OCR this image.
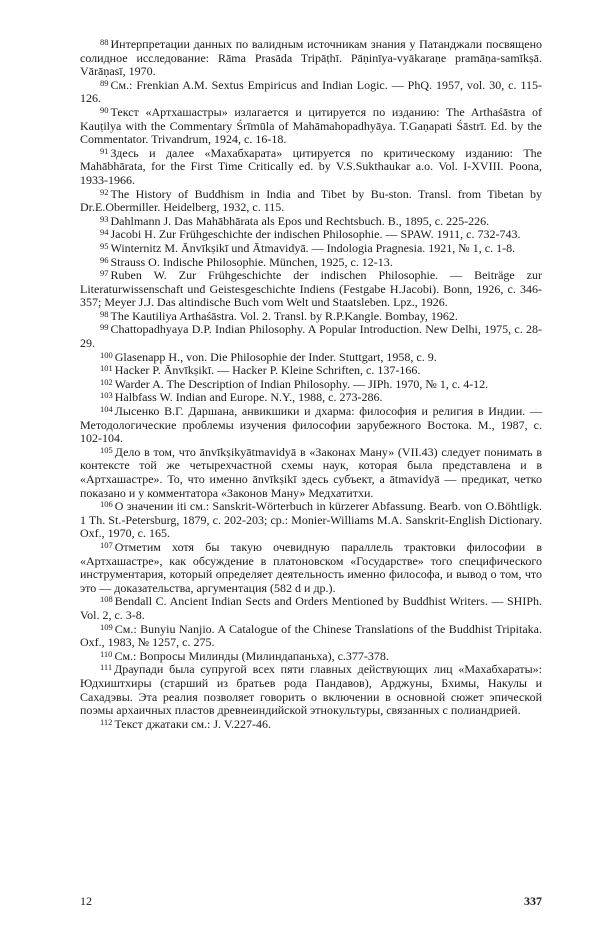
$^{88}$ Интерпретации данных по валидным источникам знания у Патанджали посвящено солидное исследование: Rāma Prasāda Tripāṭhī. Pāṇinīya-vyākaraṇe pramāṇa-samīkṣā. Vārāṇasī, 1970.

$^{89}$ См.: Frenkian A.M. Sextus Empiricus and Indian Logic. — PhQ. 1957, vol. 30, с. 115-126.

$^{90}$ Текст «Артхашастры» излагается и цитируется по изданию: The Arthaśāstra of Kauṭilya with the Commentary Śrīmūla of Mahāmahopadhyāya. T.Gaṇapati Śāstrī. Ed. by the Commentator. Trivandrum, 1924, с. 16-18.

$^{91}$ Здесь и далее «Махабхарата» цитируется по критическому изданию: The Mahābhārata, for the First Time Critically ed. by V.S.Sukthaukar a.o. Vol. I-XVIII. Poona, 1933-1966.

$^{92}$ The History of Buddhism in India and Tibet by Bu-ston. Transl. from Tibetan by Dr.E.Obermiller. Heidelberg, 1932, с. 115.

$^{93}$ Dahlmann J. Das Mahābhārata als Epos und Rechtsbuch. B., 1895, с. 225-226.

$^{94}$ Jacobi H. Zur Frühgeschichte der indischen Philosophie. — SPAW. 1911, с. 732-743.

$^{95}$ Winternitz M. Ānvīkṣikī und Ātmavidyā. — Indologia Pragnesia. 1921, № 1, с. 1-8.

$^{96}$ Strauss O. Indische Philosophie. München, 1925, с. 12-13.

$^{97}$ Ruben W. Zur Frühgeschichte der indischen Philosophie. — Beiträge zur Literaturwissenschaft und Geistesgeschichte Indiens (Festgabe H.Jacobi). Bonn, 1926, с. 346-357; Meyer J.J. Das altindische Buch vom Welt und Staatsleben. Lpz., 1926.

$^{98}$ The Kautiliya Arthaśāstra. Vol. 2. Transl. by R.P.Kangle. Bombay, 1962.

$^{99}$ Chattopadhyaya D.P. Indian Philosophy. A Popular Introduction. New Delhi, 1975, с. 28-29.

$^{100}$ Glasenapp H., von. Die Philosophie der Inder. Stuttgart, 1958, с. 9.

$^{101}$ Hacker P. Ānvīkṣikī. — Hacker P. Kleine Schriften, с. 137-166.

$^{102}$ Warder A. The Description of Indian Philosophy. — JIPh. 1970, № 1, с. 4-12.

$^{103}$ Halbfass W. Indian and Europe. N.Y., 1988, с. 273-286.

$^{104}$ Лысенко В.Г. Даршана, анвикшики и дхарма: философия и религия в Индии. — Методологические проблемы изучения философии зарубежного Востока. М., 1987, с. 102-104.

$^{105}$ Дело в том, что ānvīkṣikyātmavidyā в «Законах Ману» (VII.43) следует понимать в контексте той же четырехчастной схемы наук, которая была представлена и в «Артхашастре». То, что именно ānvīkṣikī здесь субъект, а ātmavidyā — предикат, четко показано и у комментатора «Законов Ману» Медхатитхи.

$^{106}$ О значении iti см.: Sanskrit-Wörterbuch in kürzerer Abfassung. Bearb. von O.Böhtligk. 1 Th. St.-Petersburg, 1879, с. 202-203; ср.: Monier-Williams M.A. Sanskrit-English Dictionary. Oxf., 1970, с. 165.

$^{107}$ Отметим хотя бы такую очевидную параллель трактовки философии в «Артхашастре», как обсуждение в платоновском «Государстве» того специфического инструментария, который определяет деятельность именно философа, и вывод о том, что это — доказательства, аргументация (582 d и др.).

$^{108}$ Bendall C. Ancient Indian Sects and Orders Mentioned by Buddhist Writers. — SHIPh. Vol. 2, с. 3-8.

$^{109}$ См.: Bunyiu Nanjio. A Catalogue of the Chinese Translations of the Buddhist Tripitaka. Oxf., 1983, № 1257, с. 275.

$^{110}$ См.: Вопросы Милинды (Милиндапаньха), с.377-378.

$^{111}$ Драупади была супругой всех пяти главных действующих лиц «Махабхараты»: Юдхиштхиры (старший из братьев рода Пандавов), Арджуны, Бхимы, Накулы и Сахадэвы. Эта реалия позволяет говорить о включении в основной сюжет эпической поэмы архаичных пластов древнеиндийской этнокультуры, связанных с полиандрией.

$^{112}$ Текст джатаки см.: J. V.227-46.

12	337
